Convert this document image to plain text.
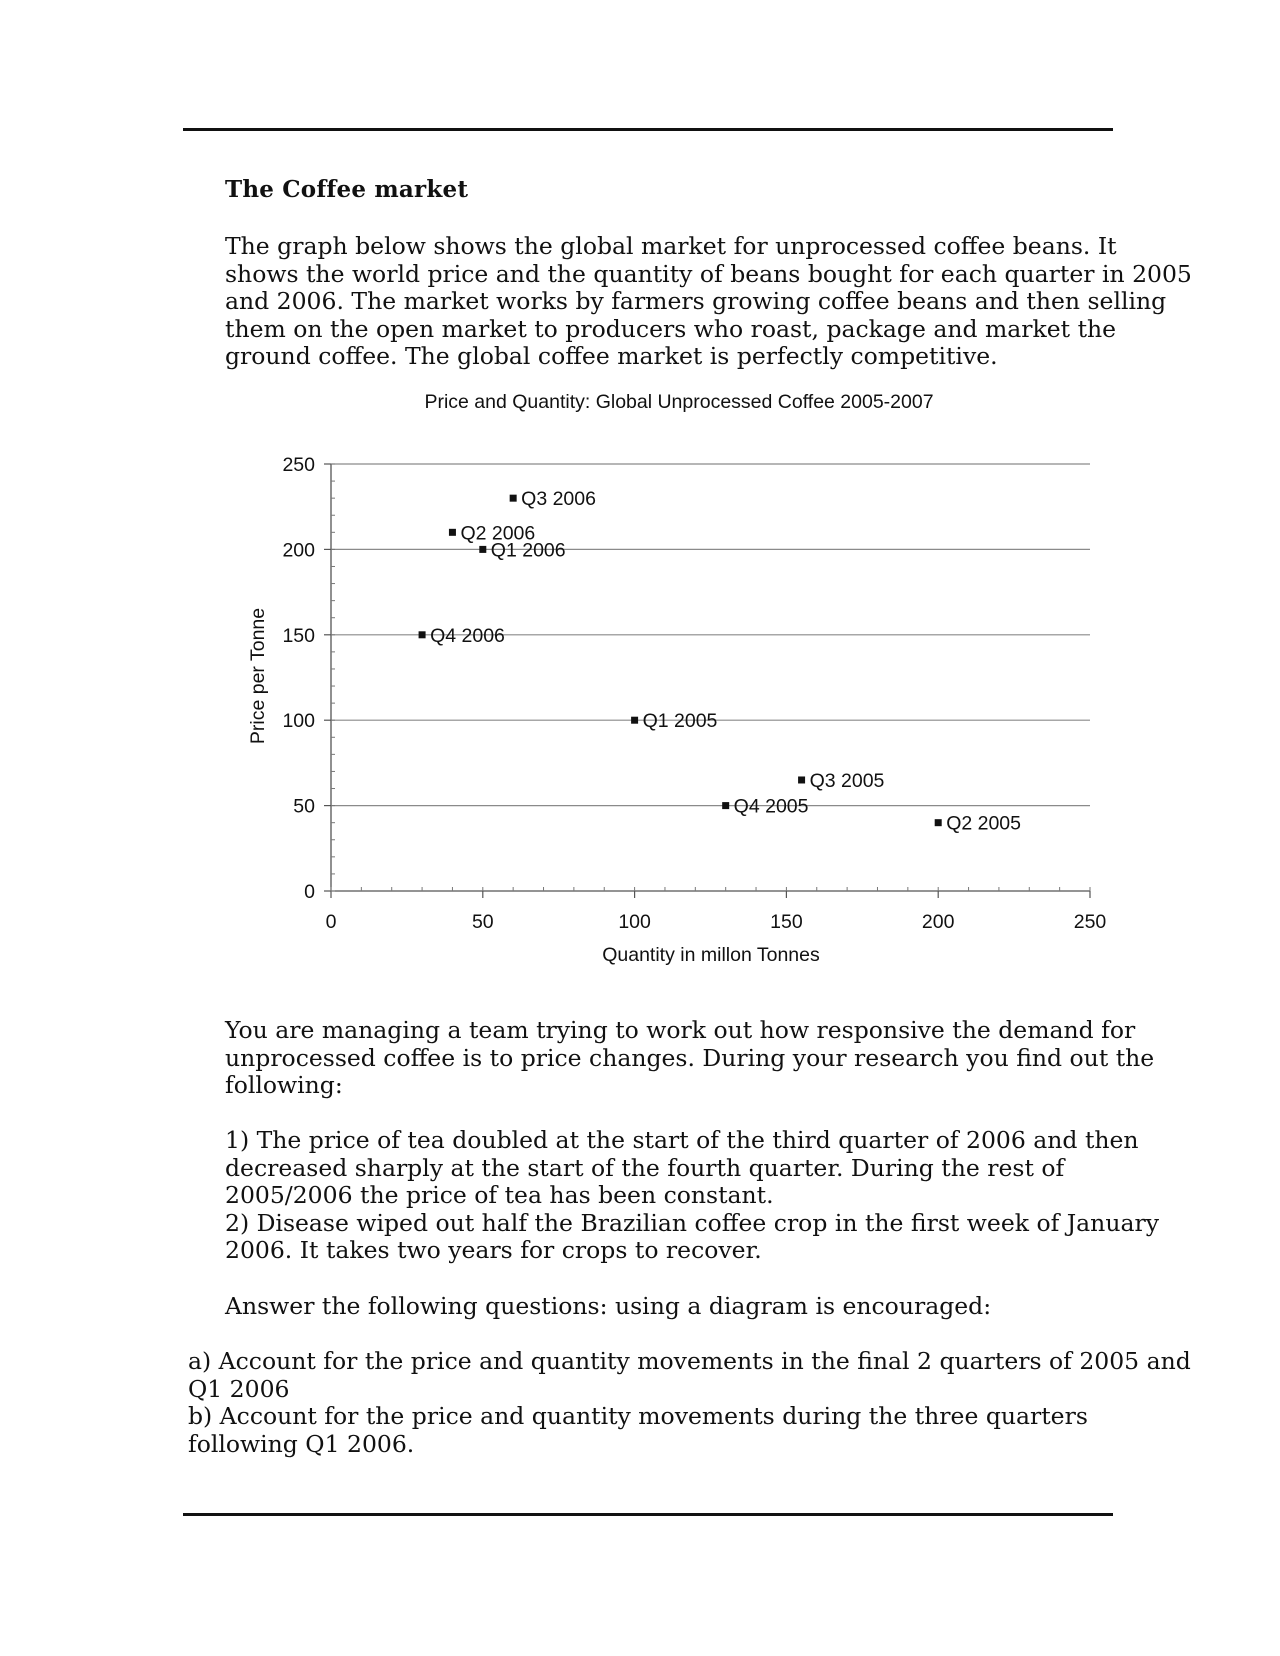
The Coffee market

The graph below shows the global market for unprocessed coffee beans. It
shows the world price and the quantity of beans bought for each quarter in 2005
and 2006. The market works by farmers growing coffee beans and then selling
them on the open market to producers who roast, package and market the
ground coffee. The global coffee market is perfectly competitive.

Price and Quantity: Global Unprocessed Coffee 2005-2007
0
50
100
150
200
250
0	50	100	150	200	250
Q1 2005
Q2 2005
Q3 2005
Q4 2005
Q1 2006
Q2 2006
Q3 2006
Q4 2006
Quantity in millon Tonnes
Price per Tonne

You are managing a team trying to work out how responsive the demand for
unprocessed coffee is to price changes. During your research you find out the
following:

1) The price of tea doubled at the start of the third quarter of 2006 and then
decreased sharply at the start of the fourth quarter. During the rest of
2005/2006 the price of tea has been constant.
2) Disease wiped out half the Brazilian coffee crop in the first week of January
2006. It takes two years for crops to recover.

Answer the following questions: using a diagram is encouraged:

a) Account for the price and quantity movements in the final 2 quarters of 2005 and
Q1 2006
b) Account for the price and quantity movements during the three quarters
following Q1 2006.
